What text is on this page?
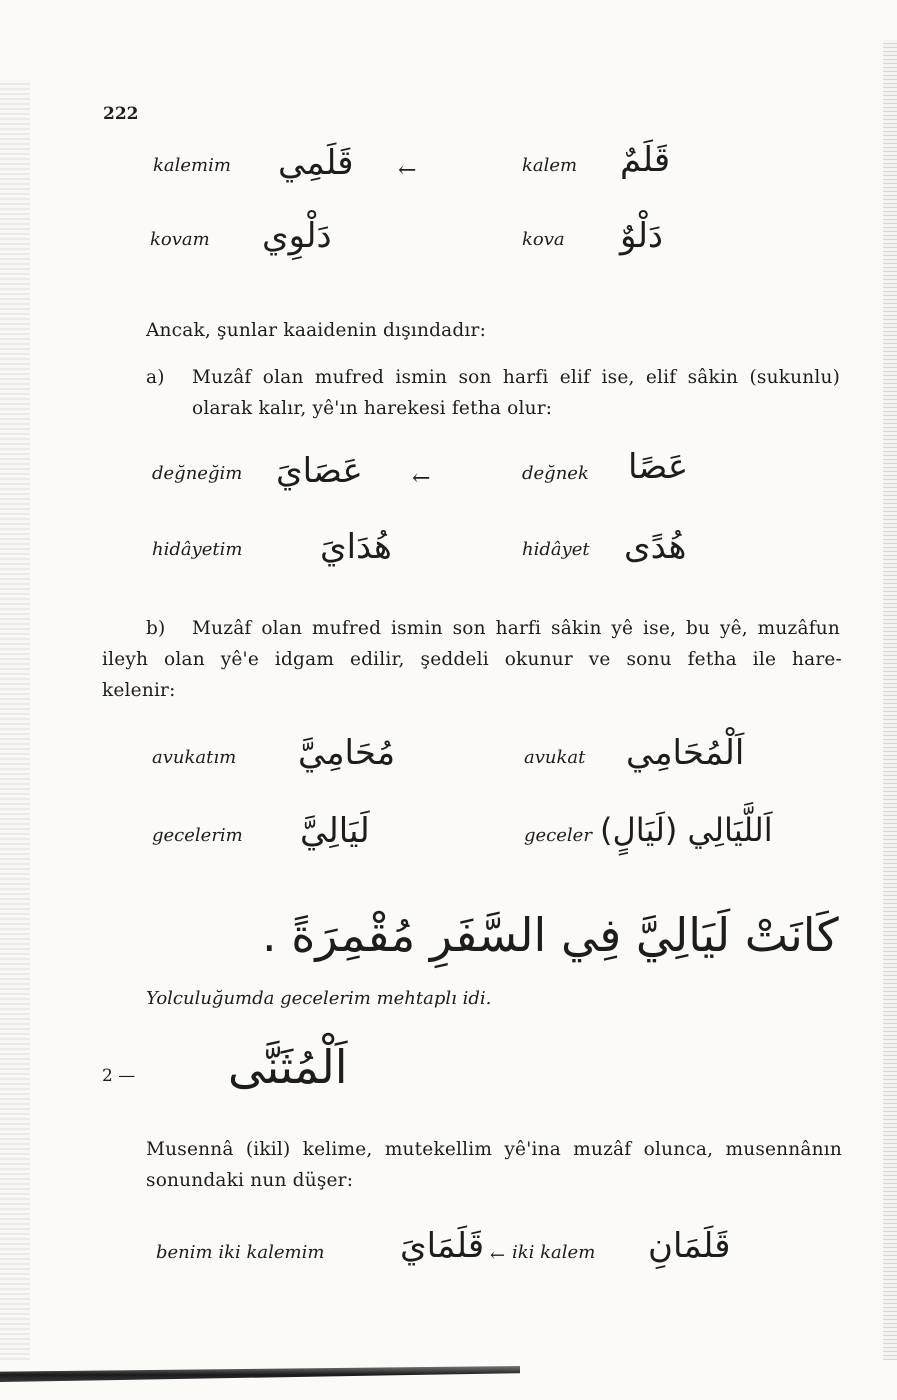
222
kalemim قَلَمِي ←	kalem قَلَمٌ
kovam دَلْوِي	kova دَلْوٌ
Ancak, şunlar kaaidenin dışındadır:
a) Muzâf olan mufred ismin son harfi elif ise, elif sâkin (sukunlu)
olarak kalır, yê'ın harekesi fetha olur:
değneğim عَصَايَ ←	değnek عَصًا
hidâyetim هُدَايَ	hidâyet هُدًى
b) Muzâf olan mufred ismin son harfi sâkin yê ise, bu yê, muzâfun
ileyh olan yê'e idgam edilir, şeddeli okunur ve sonu fetha ile hare-
kelenir:
avukatım مُحَامِيَّ	avukat اَلْمُحَامِي
gecelerim لَيَالِيَّ	geceler اَللَّيَالِي (لَيَالٍ)
كَانَتْ لَيَالِيَّ فِي السَّفَرِ مُقْمِرَةً .
Yolculuğumda gecelerim mehtaplı idi.
2 — اَلْمُثَنَّى
Musennâ (ikil) kelime, mutekellim yê'ina muzâf olunca, musennânın
sonundaki nun düşer:
benim iki kalemim قَلَمَايَ ← iki kalem قَلَمَانِ
